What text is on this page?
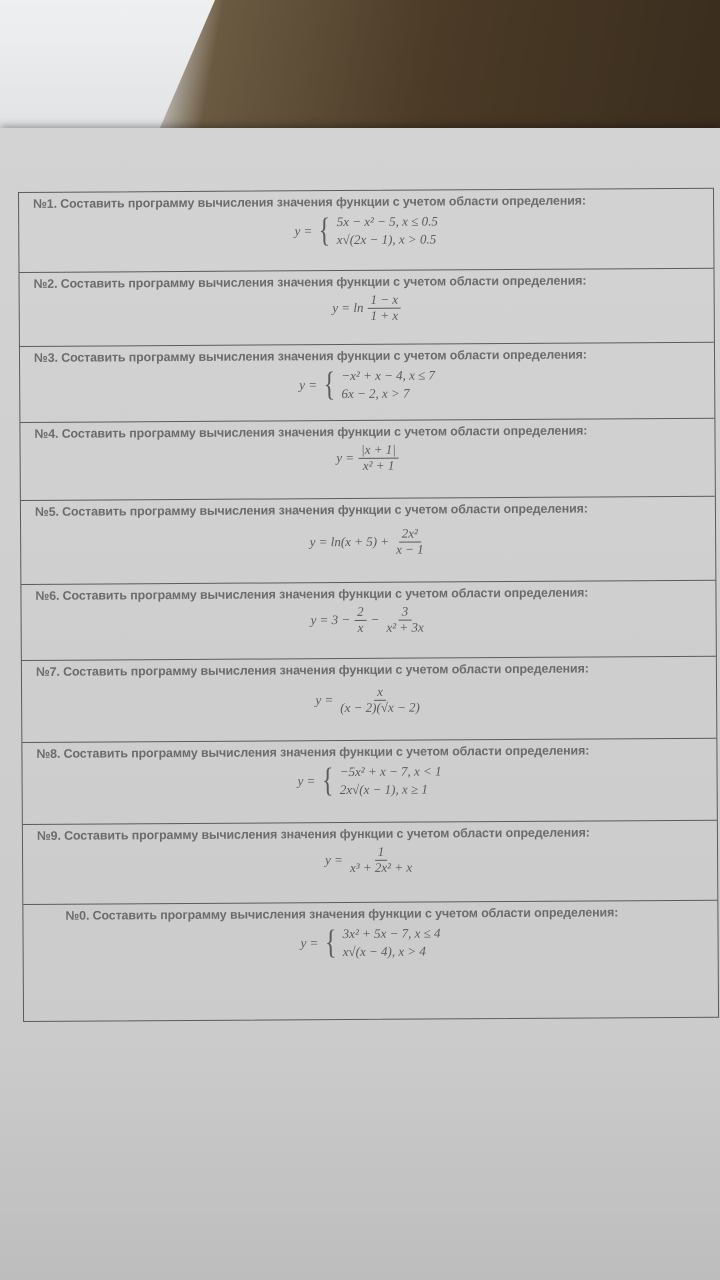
№1. Составить программу вычисления значения функции с учетом области определения:
y = { 5x − x² − 5, x ≤ 0.5
x√(2x − 1), x > 0.5
№2. Составить программу вычисления значения функции с учетом области определения:
$y = \ln \frac{1 - x}{1 + x}$
№3. Составить программу вычисления значения функции с учетом области определения:
y = { −x² + x − 4, x ≤ 7
6x − 2, x > 7
№4. Составить программу вычисления значения функции с учетом области определения:
$y = \frac{|x + 1|}{\text{x² + 1}}$
№5. Составить программу вычисления значения функции с учетом области определения:
$y = \ln(x + 5) + \frac{\text{2x²}}{x - 1}$
№6. Составить программу вычисления значения функции с учетом области определения:
$y = 3 - \frac{2}{x} - \frac{3}{\text{x² + 3x}}$
№7. Составить программу вычисления значения функции с учетом области определения:
$y = \frac{x}{(x - 2)(√x - 2)}$
№8. Составить программу вычисления значения функции с учетом области определения:
y = { −5x² + x − 7, x < 1
2x√(x − 1), x ≥ 1
№9. Составить программу вычисления значения функции с учетом области определения:
$y = \frac{1}{\text{x³ + 2x² + x}}$
№0. Составить программу вычисления значения функции с учетом области определения:
y = { 3x² + 5x − 7, x ≤ 4
x√(x − 4), x > 4
